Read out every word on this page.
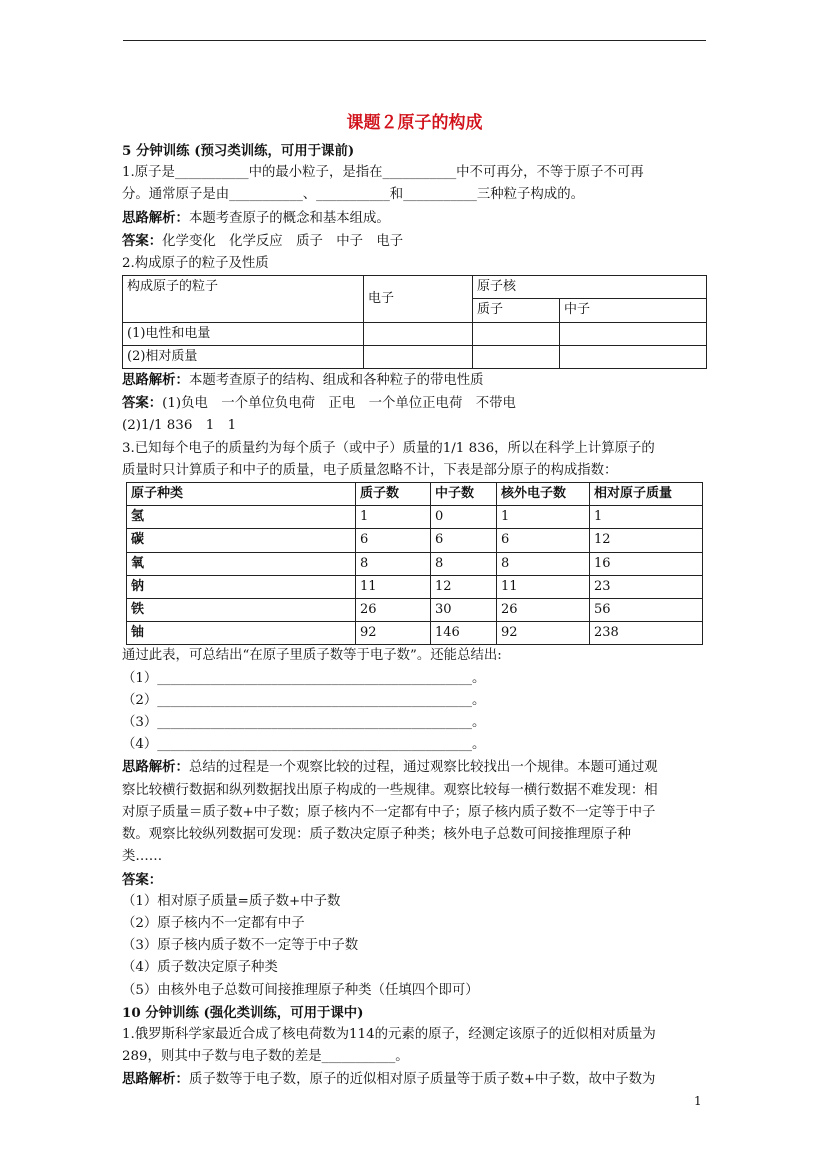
课题２原子的构成

5 分钟训练 (预习类训练，可用于课前)

1.原子是___________中的最小粒子，是指在___________中不可再分，不等于原子不可再

分。通常原子是由___________、___________和___________三种粒子构成的。

思路解析：本题考查原子的概念和基本组成。

答案：化学变化　化学反应　质子　中子　电子

2.构成原子的粒子及性质

构成原子的粒子	电子	原子核	
		质子	中子
(1)电性和电量			
(2)相对质量			

思路解析：本题考查原子的结构、组成和各种粒子的带电性质

答案：(1)负电　一个单位负电荷　正电　一个单位正电荷　不带电

(2)1/1 836　1　1

3.已知每个电子的质量约为每个质子（或中子）质量的1/1 836，所以在科学上计算原子的

质量时只计算质子和中子的质量，电子质量忽略不计，下表是部分原子的构成指数：

原子种类	质子数	中子数	核外电子数	相对原子质量
氢	1	0	1	1
碳	6	6	6	12
氧	8	8	8	16
钠	11	12	11	23
铁	26	30	26	56
铀	92	146	92	238

通过此表，可总结出“在原子里质子数等于电子数”。还能总结出:

（1）_______________________________________________。

（2）_______________________________________________。

（3）_______________________________________________。

（4）_______________________________________________。

思路解析：总结的过程是一个观察比较的过程，通过观察比较找出一个规律。本题可通过观

察比较横行数据和纵列数据找出原子构成的一些规律。观察比较每一横行数据不难发现：相

对原子质量＝质子数+中子数；原子核内不一定都有中子；原子核内质子数不一定等于中子

数。观察比较纵列数据可发现：质子数决定原子种类；核外电子总数可间接推理原子种

类……

答案：

（1）相对原子质量=质子数+中子数

（2）原子核内不一定都有中子

（3）原子核内质子数不一定等于中子数

（4）质子数决定原子种类

（5）由核外电子总数可间接推理原子种类（任填四个即可）

10 分钟训练 (强化类训练，可用于课中)

1.俄罗斯科学家最近合成了核电荷数为114的元素的原子，经测定该原子的近似相对质量为

289，则其中子数与电子数的差是___________。

思路解析：质子数等于电子数，原子的近似相对原子质量等于质子数+中子数，故中子数为

1
